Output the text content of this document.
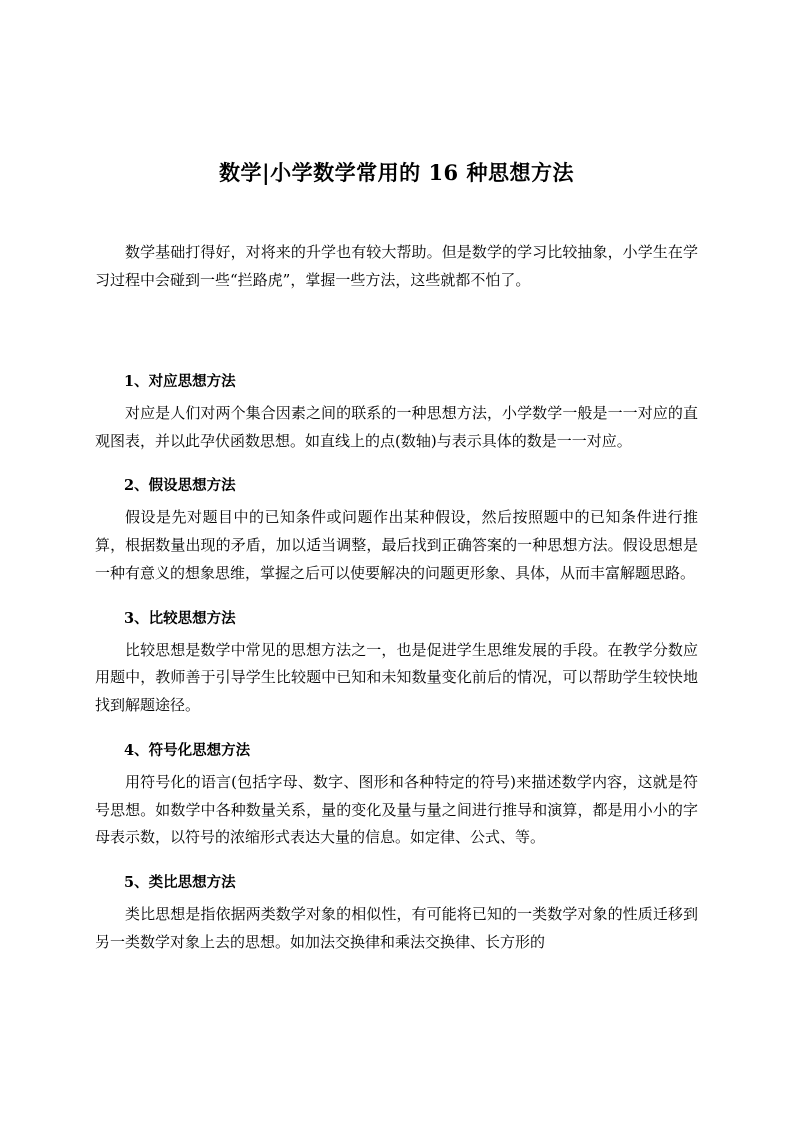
数学|小学数学常用的 16 种思想方法

数学基础打得好，对将来的升学也有较大帮助。但是数学的学习比较抽象，小学生在学习过程中会碰到一些“拦路虎”，掌握一些方法，这些就都不怕了。

1、对应思想方法

对应是人们对两个集合因素之间的联系的一种思想方法，小学数学一般是一一对应的直观图表，并以此孕伏函数思想。如直线上的点(数轴)与表示具体的数是一一对应。

2、假设思想方法

假设是先对题目中的已知条件或问题作出某种假设，然后按照题中的已知条件进行推算，根据数量出现的矛盾，加以适当调整，最后找到正确答案的一种思想方法。假设思想是一种有意义的想象思维，掌握之后可以使要解决的问题更形象、具体，从而丰富解题思路。

3、比较思想方法

比较思想是数学中常见的思想方法之一，也是促进学生思维发展的手段。在教学分数应用题中，教师善于引导学生比较题中已知和未知数量变化前后的情况，可以帮助学生较快地找到解题途径。

4、符号化思想方法

用符号化的语言(包括字母、数字、图形和各种特定的符号)来描述数学内容，这就是符号思想。如数学中各种数量关系，量的变化及量与量之间进行推导和演算，都是用小小的字母表示数，以符号的浓缩形式表达大量的信息。如定律、公式、等。

5、类比思想方法

类比思想是指依据两类数学对象的相似性，有可能将已知的一类数学对象的性质迁移到另一类数学对象上去的思想。如加法交换律和乘法交换律、长方形的
